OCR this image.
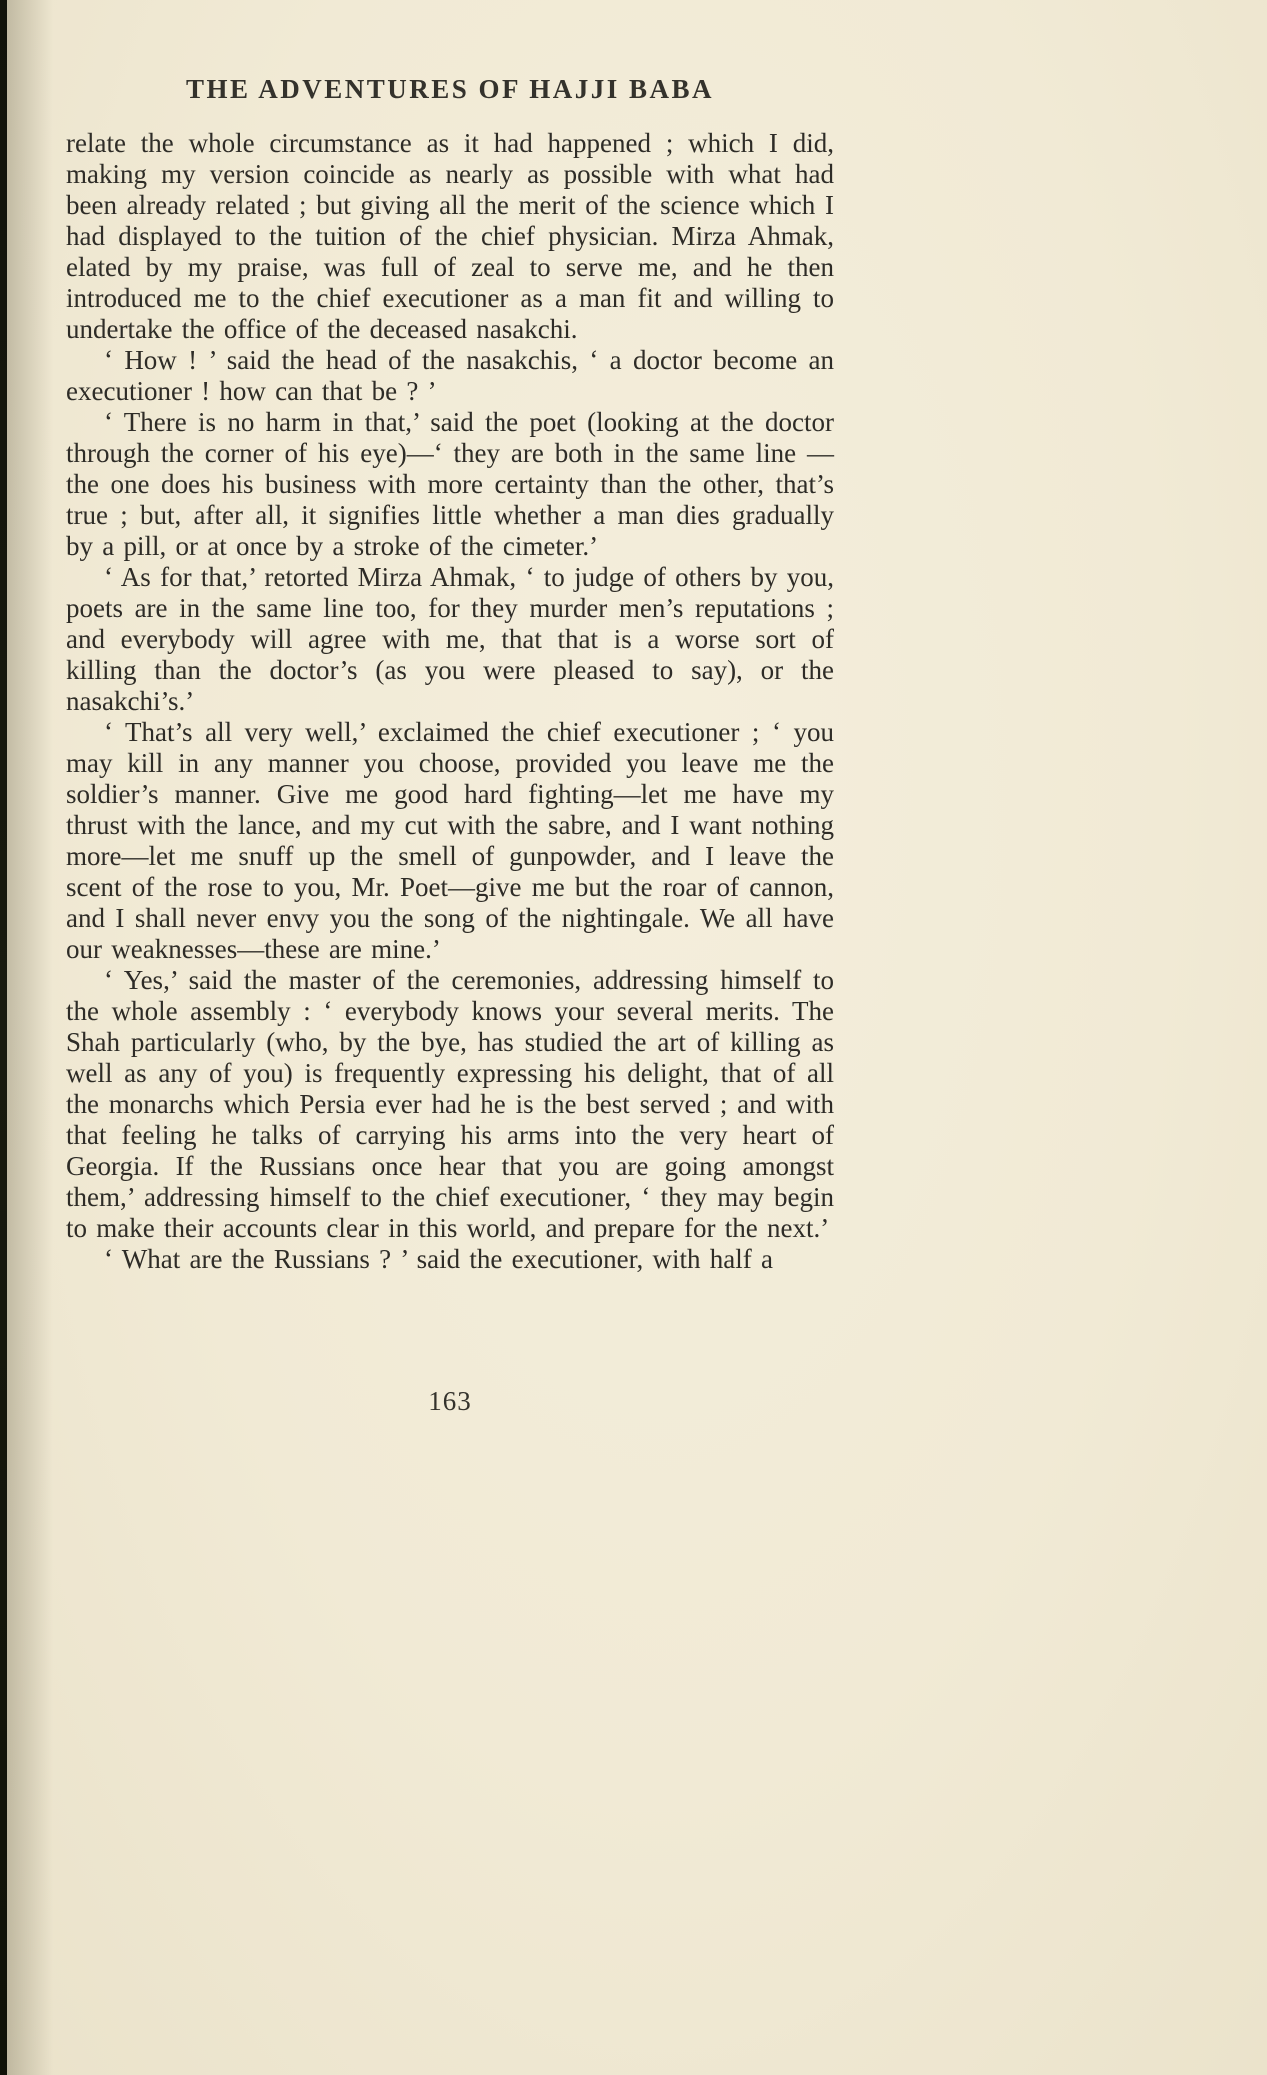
THE ADVENTURES OF HAJJI BABA

relate the whole circumstance as it had happened ; which I did, making my version coincide as nearly as possible with what had been already related ; but giving all the merit of the science which I had displayed to the tuition of the chief physician. Mirza Ahmak, elated by my praise, was full of zeal to serve me, and he then introduced me to the chief executioner as a man fit and willing to undertake the office of the deceased nasakchi.

‘ How ! ’ said the head of the nasakchis, ‘ a doctor become an executioner ! how can that be ? ’

‘ There is no harm in that,’ said the poet (looking at the doctor through the corner of his eye)—‘ they are both in the same line — the one does his business with more certainty than the other, that’s true ; but, after all, it signifies little whether a man dies gradually by a pill, or at once by a stroke of the cimeter.’

‘ As for that,’ retorted Mirza Ahmak, ‘ to judge of others by you, poets are in the same line too, for they murder men’s reputations ; and everybody will agree with me, that that is a worse sort of killing than the doctor’s (as you were pleased to say), or the nasakchi’s.’

‘ That’s all very well,’ exclaimed the chief executioner ; ‘ you may kill in any manner you choose, provided you leave me the soldier’s manner. Give me good hard fighting—let me have my thrust with the lance, and my cut with the sabre, and I want nothing more—let me snuff up the smell of gunpowder, and I leave the scent of the rose to you, Mr. Poet—give me but the roar of cannon, and I shall never envy you the song of the nightingale. We all have our weaknesses—these are mine.’

‘ Yes,’ said the master of the ceremonies, addressing himself to the whole assembly : ‘ everybody knows your several merits. The Shah particularly (who, by the bye, has studied the art of killing as well as any of you) is frequently expressing his delight, that of all the monarchs which Persia ever had he is the best served ; and with that feeling he talks of carrying his arms into the very heart of Georgia. If the Russians once hear that you are going amongst them,’ addressing himself to the chief executioner, ‘ they may begin to make their accounts clear in this world, and prepare for the next.’

‘ What are the Russians ? ’ said the executioner, with half a

163
